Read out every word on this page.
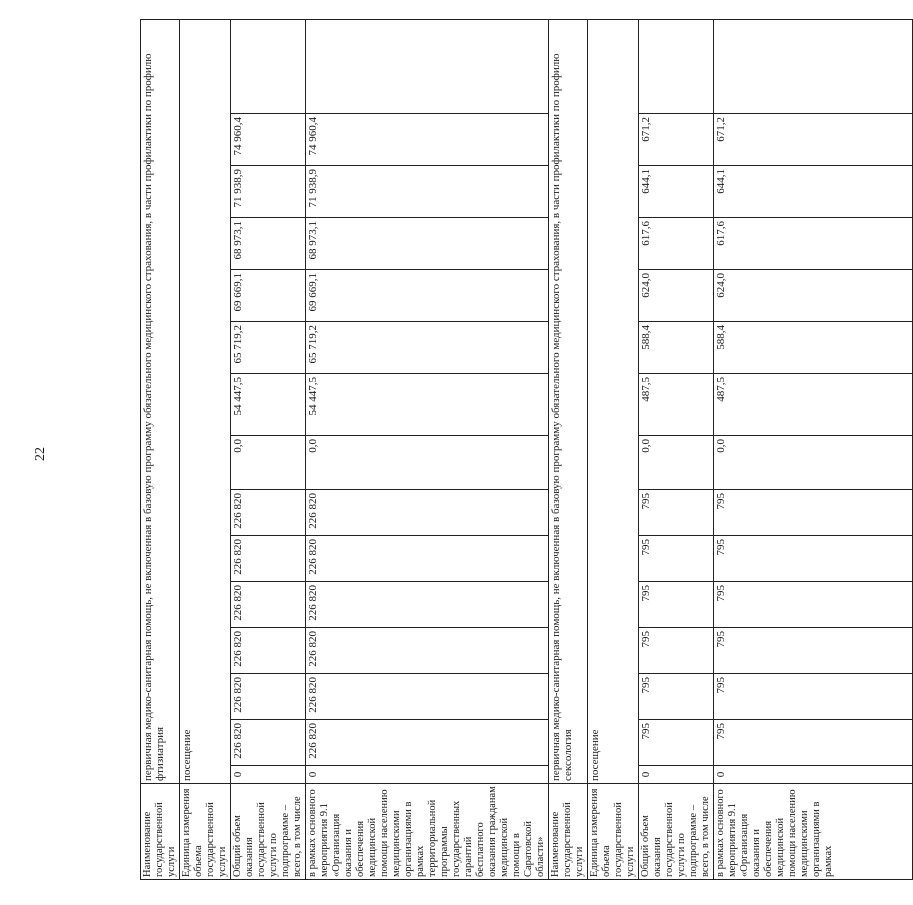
22
Наименование государственной услуги	первичная медико-санитарная помощь, не включенная в базовую программу обязательного медицинского страхования, в части профилактики по профилю фтизиатрия														
Единица измерения объема государственной услуги	посещение														
Общий объем оказания государственной услуги по подпрограмме – всего, в том числе	0	226 820	226 820	226 820	226 820	226 820	226 820	0,0	54 447,5	65 719,2	69 669,1	68 973,1	71 938,9	74 960,4	
в рамках основного мероприятия 9.1 «Организация оказания и обеспечения медицинской помощи населению медицинскими организациями в рамках территориальной программы государственных гарантий бесплатного оказания гражданам медицинской помощи в Саратовской области»	0	226 820	226 820	226 820	226 820	226 820	226 820	0,0	54 447,5	65 719,2	69 669,1	68 973,1	71 938,9	74 960,4	
Наименование государственной услуги	первичная медико-санитарная помощь, не включенная в базовую программу обязательного медицинского страхования, в части профилактики по профилю сексология														
Единица измерения объема государственной услуги	посещение														
Общий объем оказания государственной услуги по подпрограмме – всего, в том числе	0	795	795	795	795	795	795	0,0	487,5	588,4	624,0	617,6	644,1	671,2	
в рамках основного мероприятия 9.1 «Организация оказания и обеспечения медицинской помощи населению медицинскими организациями в рамках	0	795	795	795	795	795	795	0,0	487,5	588,4	624,0	617,6	644,1	671,2	
